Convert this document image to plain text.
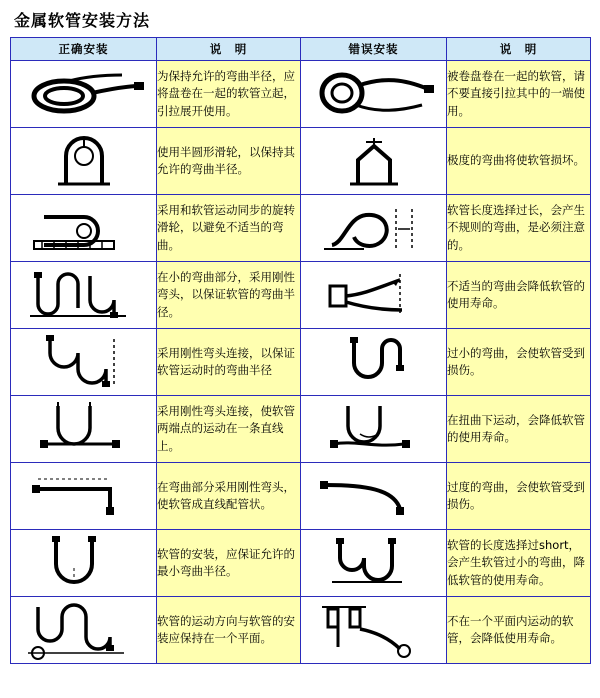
金属软管安装方法
正确安装	说　明	错误安装	说　明

	为保持允许的弯曲半径，应将盘卷在一起的软管立起，引拉展开使用。		被卷盘卷在一起的软管，请不要直接引拉其中的一端使用。

	使用半圆形滑轮，以保持其允许的弯曲半径。		极度的弯曲将使软管损坏。

	采用和软管运动同步的旋转滑轮，以避免不适当的弯曲。		软管长度选择过长，会产生不规则的弯曲，是必须注意的。

	在小的弯曲部分，采用刚性弯头，以保证软管的弯曲半径。		不适当的弯曲会降低软管的使用寿命。

	采用刚性弯头连接，以保证软管运动时的弯曲半径		过小的弯曲，会使软管受到损伤。

	采用刚性弯头连接，使软管两端点的运动在一条直线上。		在扭曲下运动，会降低软管的使用寿命。

	在弯曲部分采用刚性弯头，使软管成直线配管状。		过度的弯曲，会使软管受到损伤。

	软管的安装，应保证允许的最小弯曲半径。		软管的长度选择过short，会产生软管过小的弯曲，降低软管的使用寿命。

	软管的运动方向与软管的安装应保持在一个平面。		不在一个平面内运动的软管，会降低使用寿命。
